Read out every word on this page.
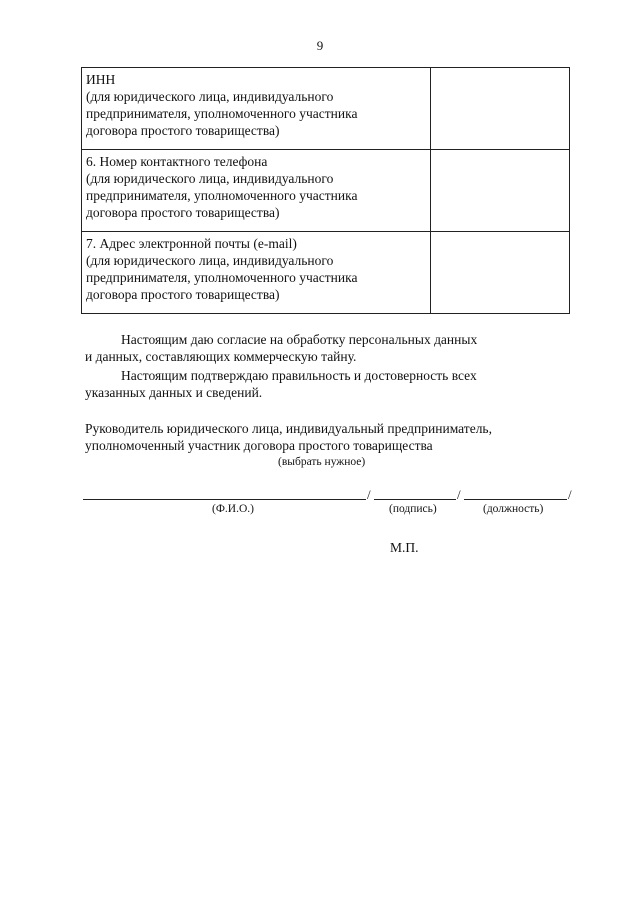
9
ИНН
(для юридического лица, индивидуального
предпринимателя, уполномоченного участника
договора простого товарищества)	

6. Номер контактного телефона
(для юридического лица, индивидуального
предпринимателя, уполномоченного участника
договора простого товарищества)	

7. Адрес электронной почты (e-mail)
(для юридического лица, индивидуального
предпринимателя, уполномоченного участника
договора простого товарищества)	

Настоящим даю согласие на обработку персональных данных
и данных, составляющих коммерческую тайну.
Настоящим подтверждаю правильность и достоверность всех
указанных данных и сведений.
Руководитель юридического лица, индивидуальный предприниматель,
уполномоченный участник договора простого товарищества
(выбрать нужное)
/	/	/
(Ф.И.О.)	(подпись)	(должность)
М.П.
